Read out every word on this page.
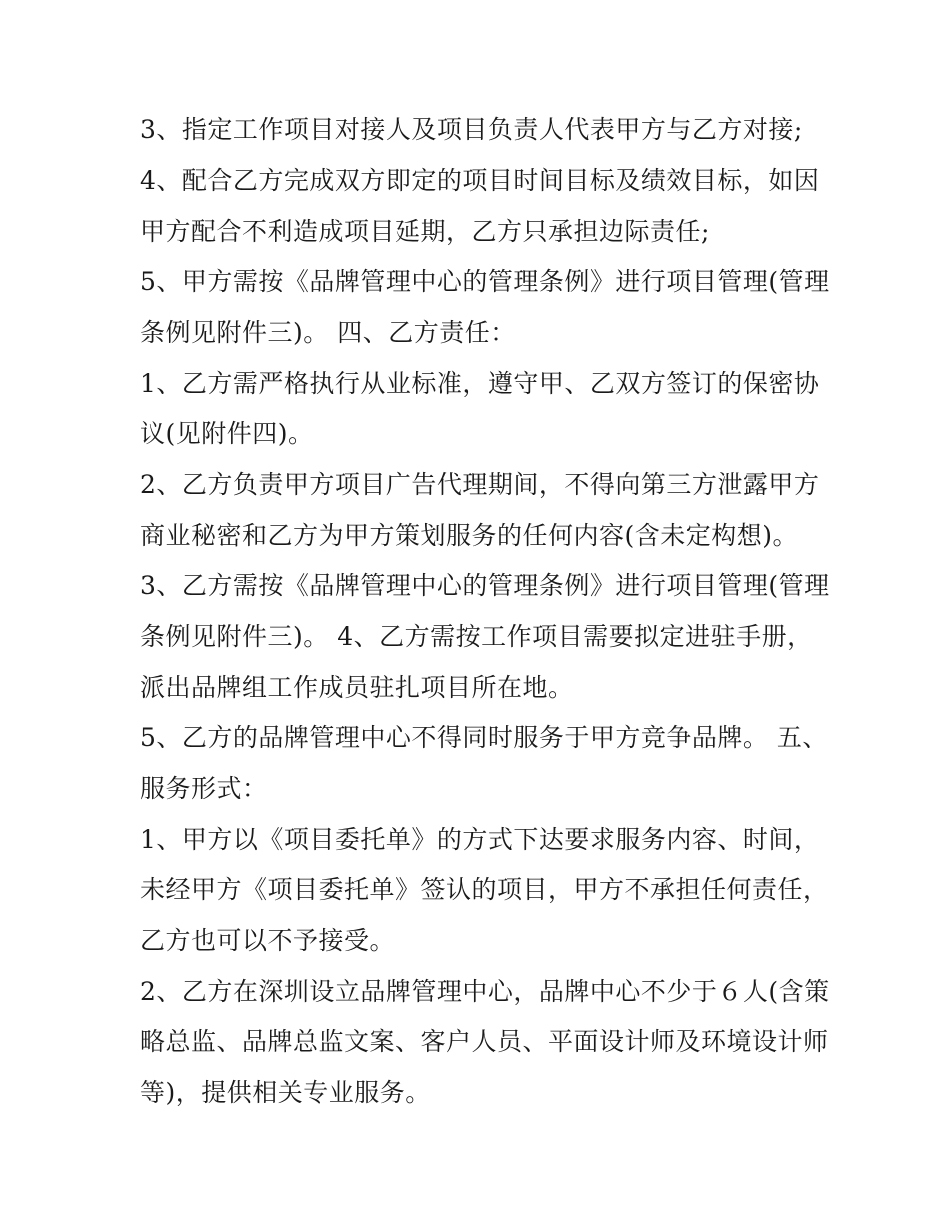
3、指定工作项目对接人及项目负责人代表甲方与乙方对接;
4、配合乙方完成双方即定的项目时间目标及绩效目标，如因
甲方配合不利造成项目延期，乙方只承担边际责任;
5、甲方需按《品牌管理中心的管理条例》进行项目管理(管理
条例见附件三)。 四、乙方责任：
1、乙方需严格执行从业标准，遵守甲、乙双方签订的保密协
议(见附件四)。
2、乙方负责甲方项目广告代理期间，不得向第三方泄露甲方
商业秘密和乙方为甲方策划服务的任何内容(含未定构想)。
3、乙方需按《品牌管理中心的管理条例》进行项目管理(管理
条例见附件三)。 4、乙方需按工作项目需要拟定进驻手册，
派出品牌组工作成员驻扎项目所在地。
5、乙方的品牌管理中心不得同时服务于甲方竞争品牌。 五、
服务形式：
1、甲方以《项目委托单》的方式下达要求服务内容、时间，
未经甲方《项目委托单》签认的项目，甲方不承担任何责任，
乙方也可以不予接受。
2、乙方在深圳设立品牌管理中心，品牌中心不少于６人(含策
略总监、品牌总监文案、客户人员、平面设计师及环境设计师
等)，提供相关专业服务。
